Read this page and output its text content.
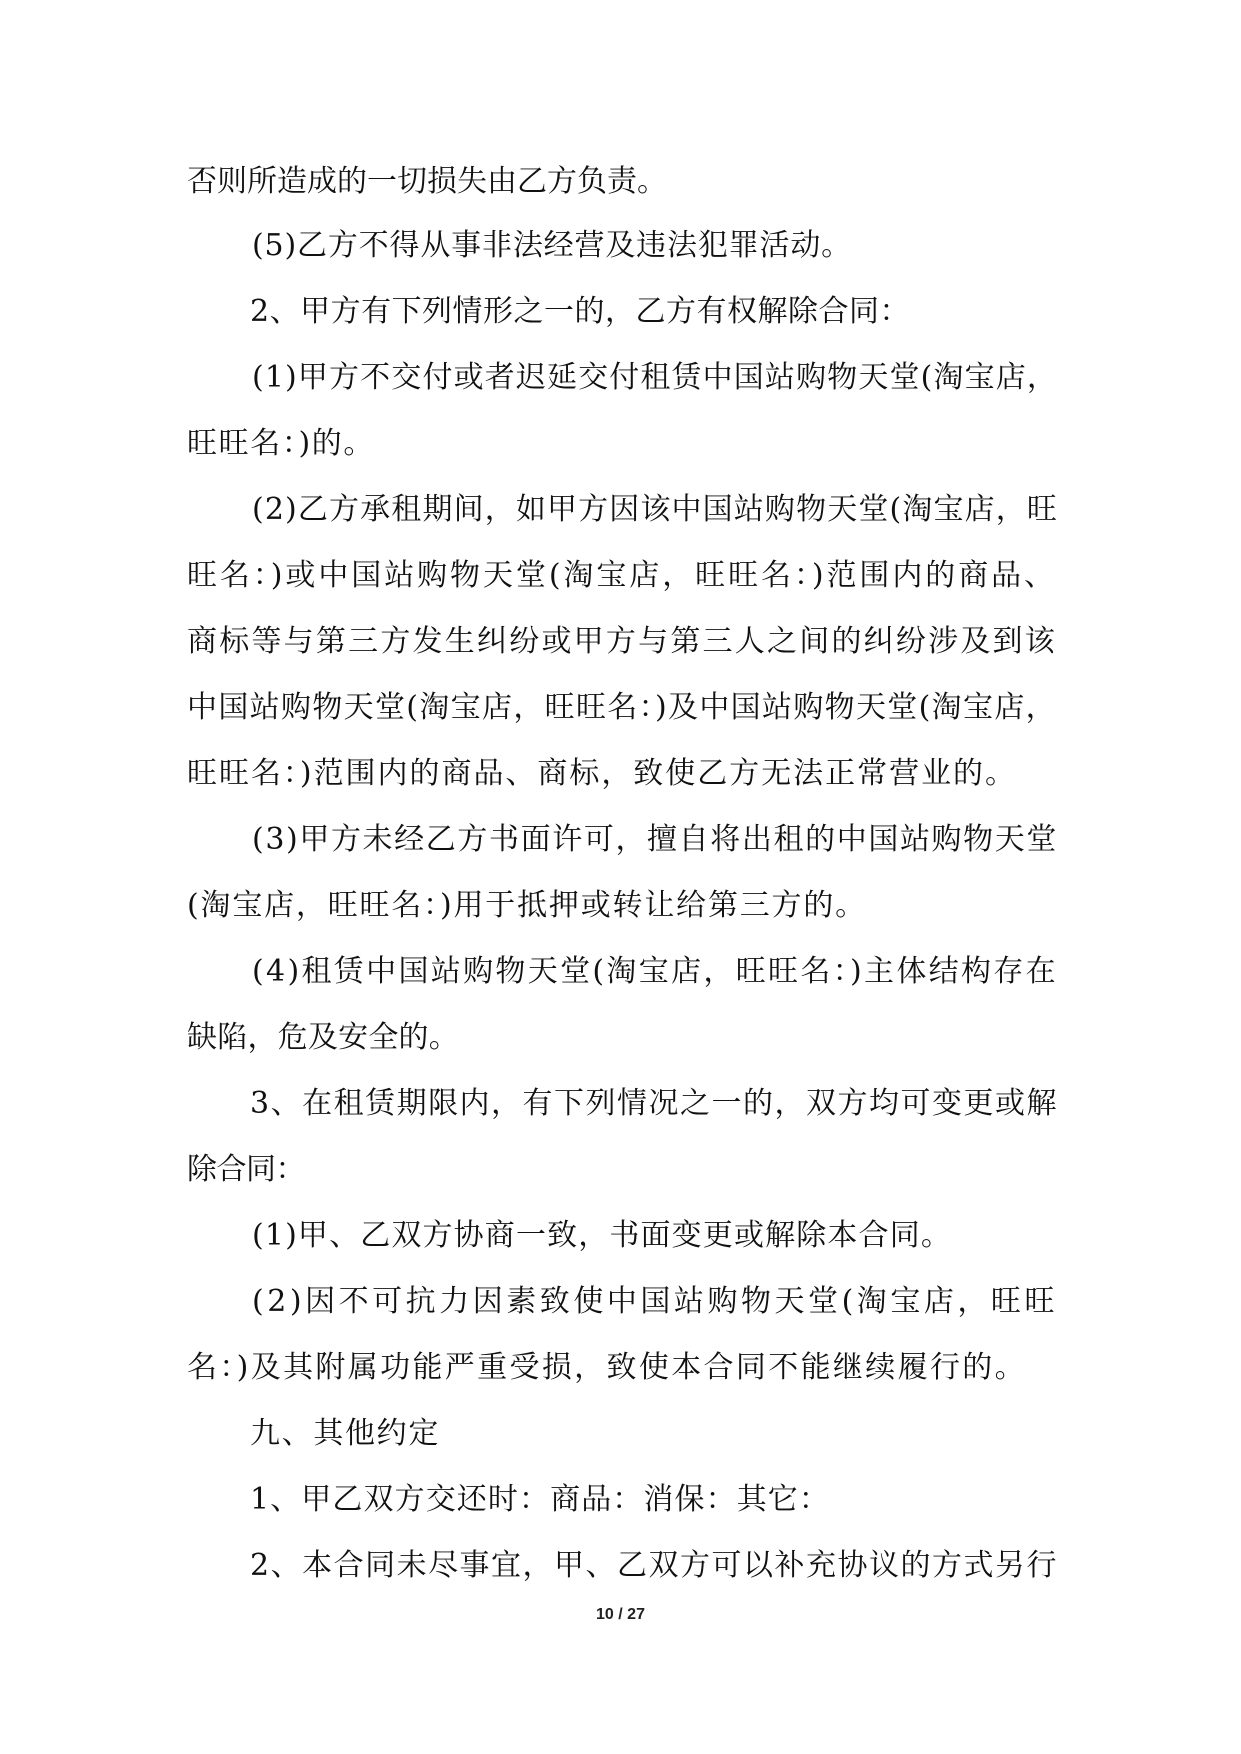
否则所造成的一切损失由乙方负责。
(5)乙方不得从事非法经营及违法犯罪活动。
2、甲方有下列情形之一的，乙方有权解除合同：
(1)甲方不交付或者迟延交付租赁中国站购物天堂(淘宝店，
旺旺名：)的。
(2)乙方承租期间，如甲方因该中国站购物天堂(淘宝店，旺
旺名：)或中国站购物天堂(淘宝店，旺旺名：)范围内的商品、
商标等与第三方发生纠纷或甲方与第三人之间的纠纷涉及到该
中国站购物天堂(淘宝店，旺旺名：)及中国站购物天堂(淘宝店，
旺旺名：)范围内的商品、商标，致使乙方无法正常营业的。
(3)甲方未经乙方书面许可，擅自将出租的中国站购物天堂
(淘宝店，旺旺名：)用于抵押或转让给第三方的。
(4)租赁中国站购物天堂(淘宝店，旺旺名：)主体结构存在
缺陷，危及安全的。
3、在租赁期限内，有下列情况之一的，双方均可变更或解
除合同：
(1)甲、乙双方协商一致，书面变更或解除本合同。
(2)因不可抗力因素致使中国站购物天堂(淘宝店，旺旺
名：)及其附属功能严重受损，致使本合同不能继续履行的。
九、其他约定
1、甲乙双方交还时：商品：消保：其它：
2、本合同未尽事宜，甲、乙双方可以补充协议的方式另行
10 / 27
